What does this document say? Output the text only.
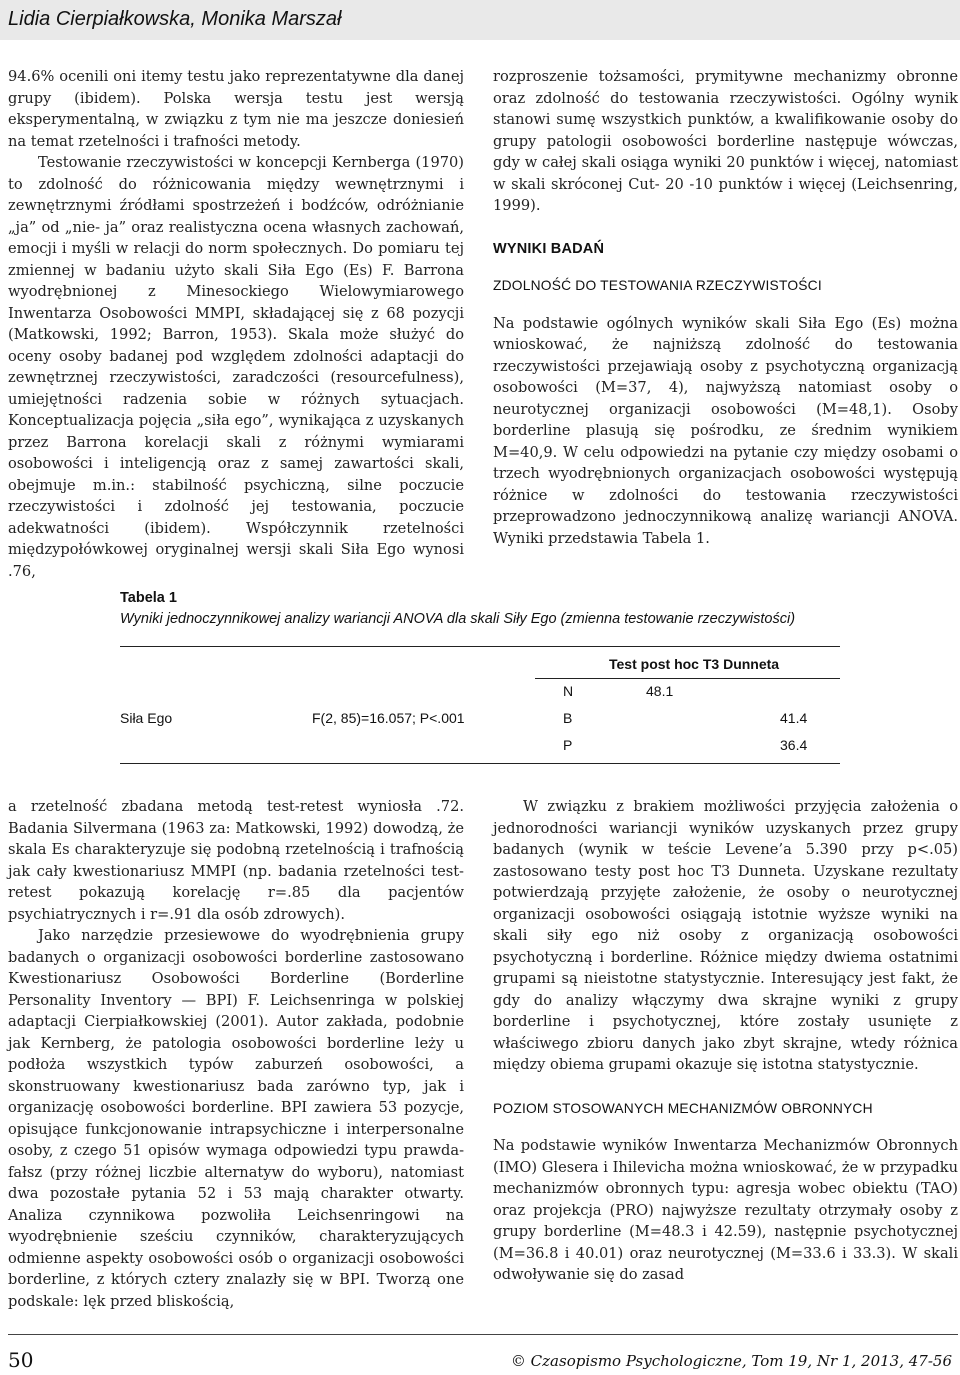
Lidia Cierpiałkowska, Monika Marszał

94.6% ocenili oni itemy testu jako reprezentatywne dla danej grupy (ibidem). Polska wersja testu jest wersją eksperymentalną, w związku z tym nie ma jeszcze doniesień na temat rzetelności i trafności metody.

Testowanie rzeczywistości w koncepcji Kernberga (1970) to zdolność do różnicowania między wewnętrznymi i zewnętrznymi źródłami spostrzeżeń i bodźców, odróżnianie „ja” od „nie- ja” oraz realistyczna ocena własnych zachowań, emocji i myśli w relacji do norm społecznych. Do pomiaru tej zmiennej w badaniu użyto skali Siła Ego (Es) F. Barrona wyodrębnionej z Minesockiego Wielowymiarowego Inwentarza Osobowości MMPI, składającej się z 68 pozycji (Matkowski, 1992; Barron, 1953). Skala może służyć do oceny osoby badanej pod względem zdolności adaptacji do zewnętrznej rzeczywistości, zaradczości (resourcefulness), umiejętności radzenia sobie w różnych sytuacjach. Konceptualizacja pojęcia „siła ego”, wynikająca z uzyskanych przez Barrona korelacji skali z różnymi wymiarami osobowości i inteligencją oraz z samej zawartości skali, obejmuje m.in.: stabilność psychiczną, silne poczucie rzeczywistości i zdolność jej testowania, poczucie adekwatności (ibidem). Współczynnik rzetelności międzypołówkowej oryginalnej wersji skali Siła Ego wynosi .76,

rozproszenie tożsamości, prymitywne mechanizmy obronne oraz zdolność do testowania rzeczywistości. Ogólny wynik stanowi sumę wszystkich punktów, a kwalifikowanie osoby do grupy patologii osobowości borderline następuje wówczas, gdy w całej skali osiąga wyniki 20 punktów i więcej, natomiast w skali skróconej Cut- 20 -10 punktów i więcej (Leichsenring, 1999).

WYNIKI BADAŃ
ZDOLNOŚĆ DO TESTOWANIA RZECZYWISTOŚCI

Na podstawie ogólnych wyników skali Siła Ego (Es) można wnioskować, że najniższą zdolność do testowania rzeczywistości przejawiają osoby z psychotyczną organizacją osobowości (M=37, 4), najwyższą natomiast osoby o neurotycznej organizacji osobowości (M=48,1). Osoby borderline plasują się pośrodku, ze średnim wynikiem M=40,9. W celu odpowiedzi na pytanie czy między osobami o trzech wyodrębnionych organizacjach osobowości występują różnice w zdolności do testowania rzeczywistości przeprowadzono jednoczynnikową analizę wariancji ANOVA. Wyniki przedstawia Tabela 1.

Tabela 1
Wyniki jednoczynnikowej analizy wariancji ANOVA dla skali Siły Ego (zmienna testowanie rzeczywistości)
Test post hoc T3 Dunneta
N	48.1
Siła Ego	F(2, 85)=16.057; P<.001	B	41.4
P	36.4

a rzetelność zbadana metodą test-retest wyniosła .72. Badania Silvermana (1963 za: Matkowski, 1992) dowodzą, że skala Es charakteryzuje się podobną rzetelnością i trafnością jak cały kwestionariusz MMPI (np. badania rzetelności test-retest pokazują korelację r=.85 dla pacjentów psychiatrycznych i r=.91 dla osób zdrowych).

Jako narzędzie przesiewowe do wyodrębnienia grupy badanych o organizacji osobowości borderline zastosowano Kwestionariusz Osobowości Borderline (Borderline Personality Inventory — BPI) F. Leichsenringa w polskiej adaptacji Cierpiałkowskiej (2001). Autor zakłada, podobnie jak Kernberg, że patologia osobowości borderline leży u podłoża wszystkich typów zaburzeń osobowości, a skonstruowany kwestionariusz bada zarówno typ, jak i organizację osobowości borderline. BPI zawiera 53 pozycje, opisujące funkcjonowanie intrapsychiczne i interpersonalne osoby, z czego 51 opisów wymaga odpowiedzi typu prawda-fałsz (przy różnej liczbie alternatyw do wyboru), natomiast dwa pozostałe pytania 52 i 53 mają charakter otwarty. Analiza czynnikowa pozwoliła Leichsenringowi na wyodrębnienie sześciu czynników, charakteryzujących odmienne aspekty osobowości osób o organizacji osobowości borderline, z których cztery znalazły się w BPI. Tworzą one podskale: lęk przed bliskością,

W związku z brakiem możliwości przyjęcia założenia o jednorodności wariancji wyników uzyskanych przez grupy badanych (wynik w teście Levene’a 5.390 przy p<.05) zastosowano testy post hoc T3 Dunneta. Uzyskane rezultaty potwierdzają przyjęte założenie, że osoby o neurotycznej organizacji osobowości osiągają istotnie wyższe wyniki na skali siły ego niż osoby z organizacją osobowości psychotyczną i borderline. Różnice między dwiema ostatnimi grupami są nieistotne statystycznie. Interesujący jest fakt, że gdy do analizy włączymy dwa skrajne wyniki z grupy borderline i psychotycznej, które zostały usunięte z właściwego zbioru danych jako zbyt skrajne, wtedy różnica między obiema grupami okazuje się istotna statystycznie.

POZIOM STOSOWANYCH MECHANIZMÓW OBRONNYCH

Na podstawie wyników Inwentarza Mechanizmów Obronnych (IMO) Glesera i Ihilevicha można wnioskować, że w przypadku mechanizmów obronnych typu: agresja wobec obiektu (TAO) oraz projekcja (PRO) najwyższe rezultaty otrzymały osoby z grupy borderline (M=48.3 i 42.59), następnie psychotycznej (M=36.8 i 40.01) oraz neurotycznej (M=33.6 i 33.3). W skali odwoływanie się do zasad

50	© Czasopismo Psychologiczne, Tom 19, Nr 1, 2013, 47-56
